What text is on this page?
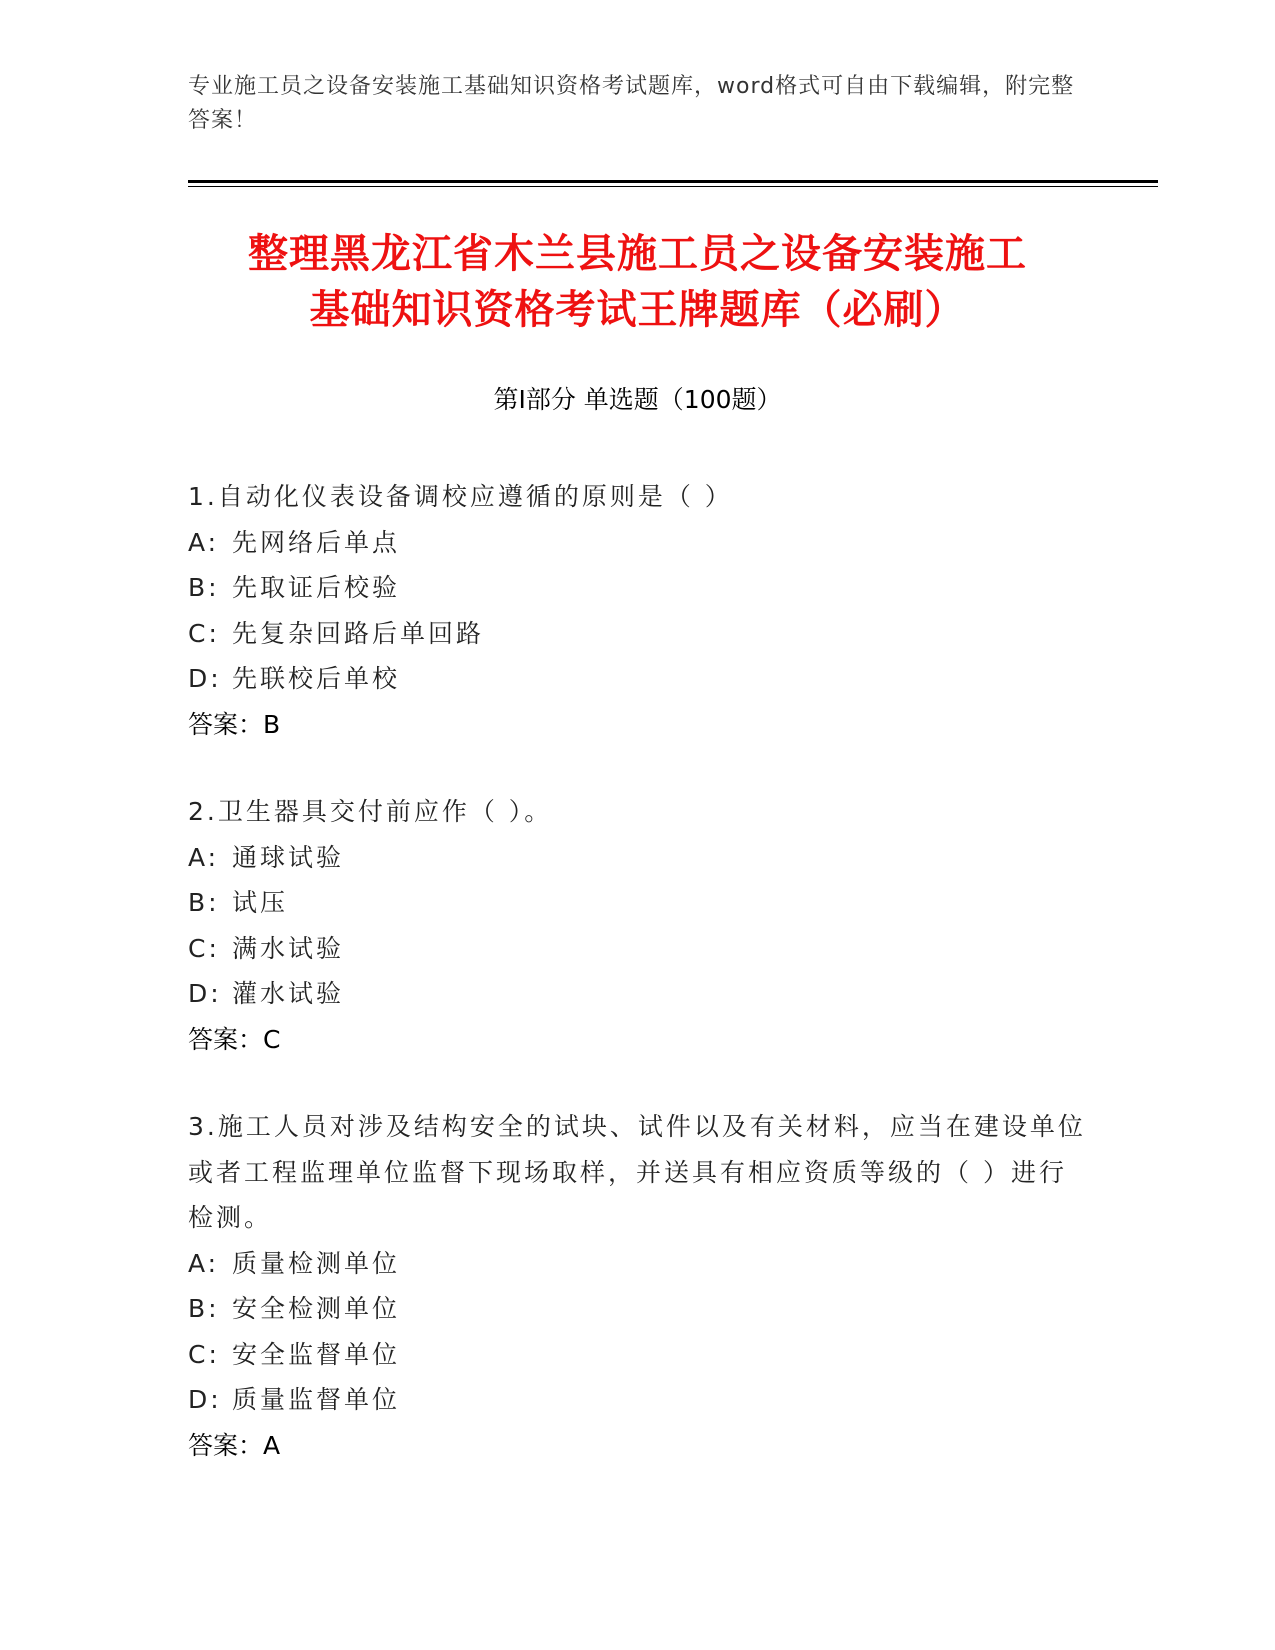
专业施工员之设备安装施工基础知识资格考试题库，word格式可自由下载编辑，附完整答案！
整理黑龙江省木兰县施工员之设备安装施工
基础知识资格考试王牌题库（必刷）
第Ⅰ部分 单选题（100题）
1.自动化仪表设备调校应遵循的原则是（ ）
A: 先网络后单点
B: 先取证后校验
C: 先复杂回路后单回路
D: 先联校后单校
答案：B
2.卫生器具交付前应作（ ）。
A: 通球试验
B: 试压
C: 满水试验
D: 灌水试验
答案：C
3.施工人员对涉及结构安全的试块、试件以及有关材料，应当在建设单位或者工程监理单位监督下现场取样，并送具有相应资质等级的（ ）进行检测。
A: 质量检测单位
B: 安全检测单位
C: 安全监督单位
D: 质量监督单位
答案：A
